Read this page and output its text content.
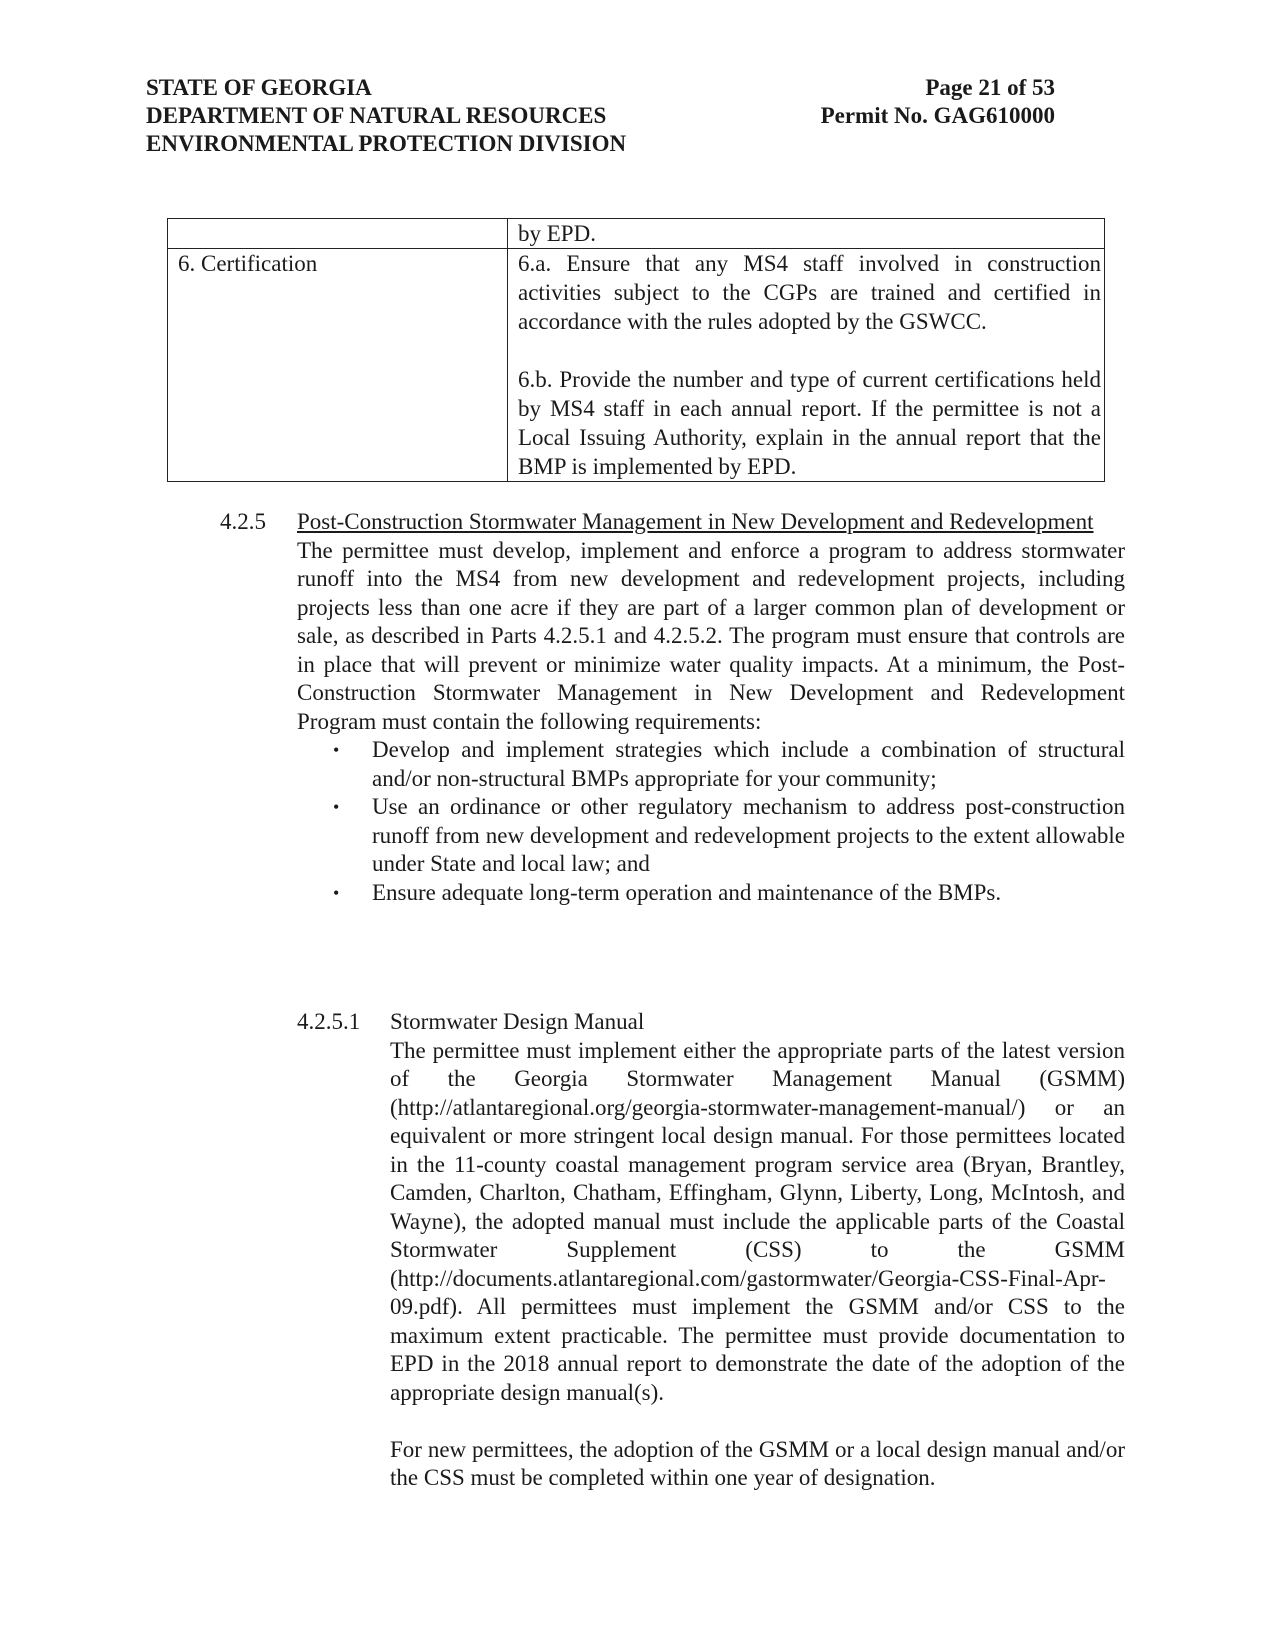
STATE OF GEORGIA
DEPARTMENT OF NATURAL RESOURCES
ENVIRONMENTAL PROTECTION DIVISION
Page 21 of 53
Permit No. GAG610000

	by EPD.

6. Certification	6.a. Ensure that any MS4 staff involved in construction activities subject to the CGPs are trained and certified in accordance with the rules adopted by the GSWCC.

6.b. Provide the number and type of current certifications held by MS4 staff in each annual report. If the permittee is not a Local Issuing Authority, explain in the annual report that the BMP is implemented by EPD.

4.2.5 Post-Construction Stormwater Management in New Development and Redevelopment
The permittee must develop, implement and enforce a program to address stormwater runoff into the MS4 from new development and redevelopment projects, including projects less than one acre if they are part of a larger common plan of development or sale, as described in Parts 4.2.5.1 and 4.2.5.2. The program must ensure that controls are in place that will prevent or minimize water quality impacts. At a minimum, the Post-Construction Stormwater Management in New Development and Redevelopment Program must contain the following requirements:
• Develop and implement strategies which include a combination of structural and/or non-structural BMPs appropriate for your community;
• Use an ordinance or other regulatory mechanism to address post-construction runoff from new development and redevelopment projects to the extent allowable under State and local law; and
• Ensure adequate long-term operation and maintenance of the BMPs.
4.2.5.1 Stormwater Design Manual

The permittee must implement either the appropriate parts of the latest version of the Georgia Stormwater Management Manual (GSMM) (http://atlantaregional.org/georgia-stormwater-management-manual/) or an equivalent or more stringent local design manual. For those permittees located in the 11-county coastal management program service area (Bryan, Brantley, Camden, Charlton, Chatham, Effingham, Glynn, Liberty, Long, McIntosh, and Wayne), the adopted manual must include the applicable parts of the Coastal Stormwater Supplement (CSS) to the GSMM (http://documents.atlantaregional.com/gastormwater/Georgia-CSS-Final-Apr-09.pdf). All permittees must implement the GSMM and/or CSS to the maximum extent practicable. The permittee must provide documentation to EPD in the 2018 annual report to demonstrate the date of the adoption of the appropriate design manual(s).

For new permittees, the adoption of the GSMM or a local design manual and/or the CSS must be completed within one year of designation.
